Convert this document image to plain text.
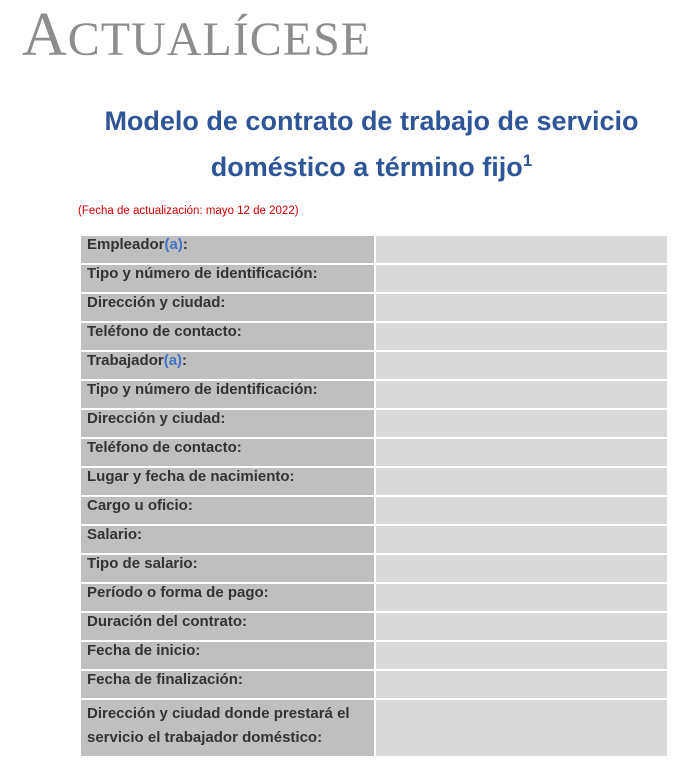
ACTUALÍCESE
Modelo de contrato de trabajo de servicio
doméstico a término fijo$^1$
(Fecha de actualización: mayo 12 de 2022)
Empleador(a):	
Tipo y número de identificación:	
Dirección y ciudad:	
Teléfono de contacto:	
Trabajador(a):	
Tipo y número de identificación:	
Dirección y ciudad:	
Teléfono de contacto:	
Lugar y fecha de nacimiento:	
Cargo u oficio:	
Salario:	
Tipo de salario:	
Período o forma de pago:	
Duración del contrato:	
Fecha de inicio:	
Fecha de finalización:	
Dirección y ciudad donde prestará el servicio el trabajador doméstico:	
